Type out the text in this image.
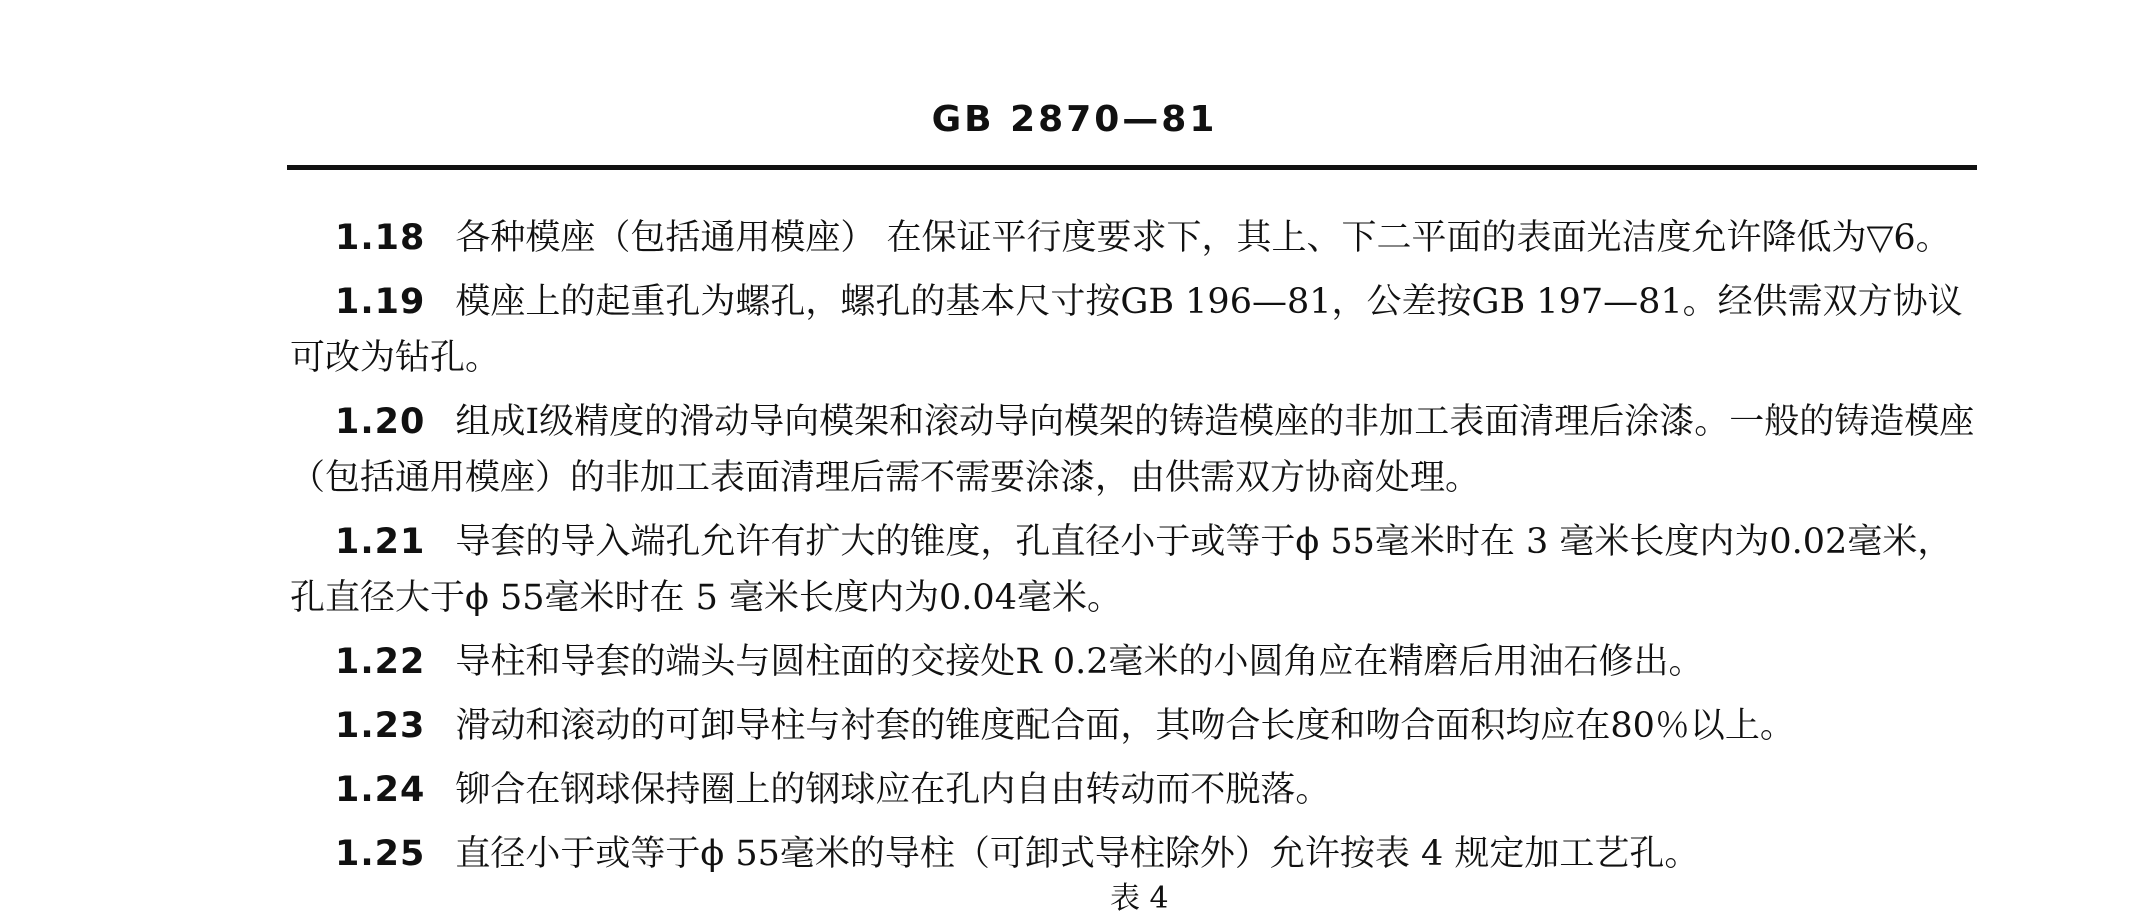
GB 2870—81

1.18 各种模座（包括通用模座） 在保证平行度要求下，其上、下二平面的表面光洁度允许降低为▽6。

1.19 模座上的起重孔为螺孔，螺孔的基本尺寸按GB 196—81，公差按GB 197—81。经供需双方协议可改为钻孔。

1.20 组成I级精度的滑动导向模架和滚动导向模架的铸造模座的非加工表面清理后涂漆。一般的铸造模座（包括通用模座）的非加工表面清理后需不需要涂漆，由供需双方协商处理。

1.21 导套的导入端孔允许有扩大的锥度，孔直径小于或等于ϕ 55毫米时在 3 毫米长度内为0.02毫米，孔直径大于ϕ 55毫米时在 5 毫米长度内为0.04毫米。

1.22 导柱和导套的端头与圆柱面的交接处R 0.2毫米的小圆角应在精磨后用油石修出。

1.23 滑动和滚动的可卸导柱与衬套的锥度配合面，其吻合长度和吻合面积均应在80％以上。

1.24 铆合在钢球保持圈上的钢球应在孔内自由转动而不脱落。

1.25 直径小于或等于ϕ 55毫米的导柱（可卸式导柱除外）允许按表 4 规定加工艺孔。

表 4
